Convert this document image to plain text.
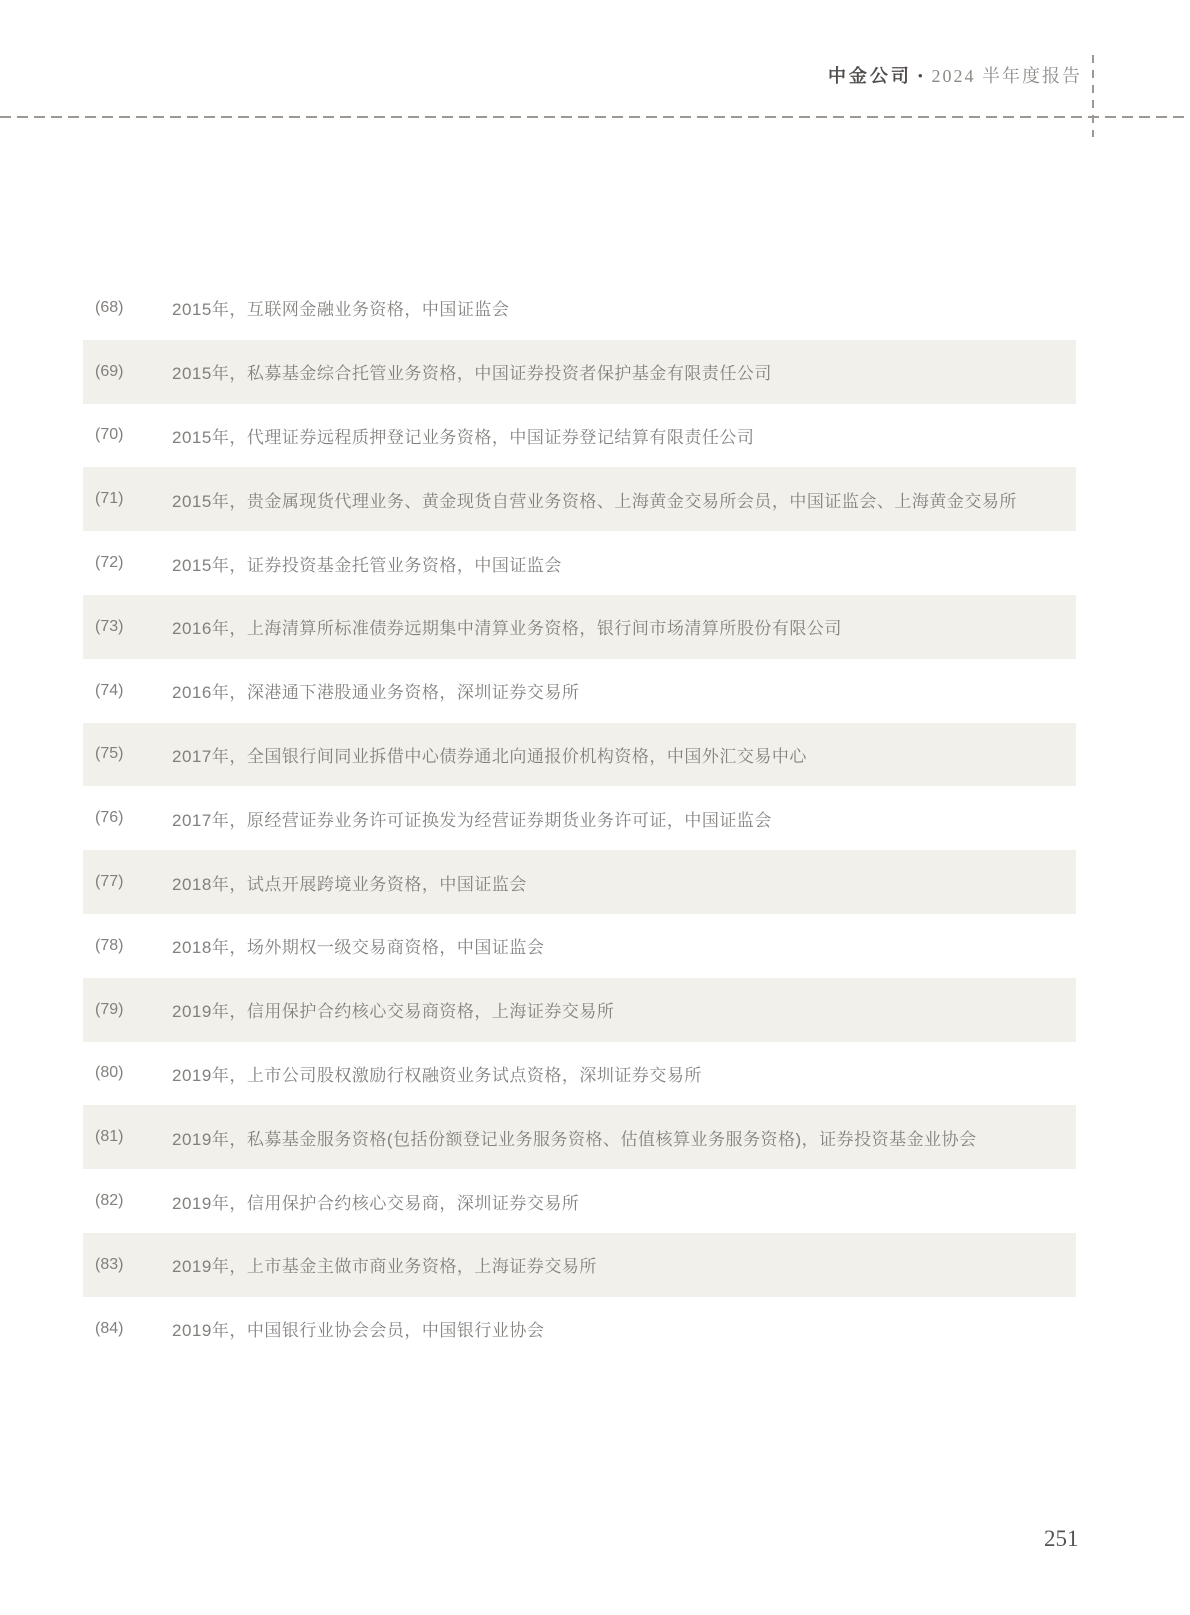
中金公司 • 2024 半年度报告
(68)	2015年，互联网金融业务资格，中国证监会
(69)	2015年，私募基金综合托管业务资格，中国证券投资者保护基金有限责任公司
(70)	2015年，代理证券远程质押登记业务资格，中国证券登记结算有限责任公司
(71)	2015年，贵金属现货代理业务、黄金现货自营业务资格、上海黄金交易所会员，中国证监会、上海黄金交易所
(72)	2015年，证券投资基金托管业务资格，中国证监会
(73)	2016年，上海清算所标准债券远期集中清算业务资格，银行间市场清算所股份有限公司
(74)	2016年，深港通下港股通业务资格，深圳证券交易所
(75)	2017年，全国银行间同业拆借中心债券通北向通报价机构资格，中国外汇交易中心
(76)	2017年，原经营证券业务许可证换发为经营证券期货业务许可证，中国证监会
(77)	2018年，试点开展跨境业务资格，中国证监会
(78)	2018年，场外期权一级交易商资格，中国证监会
(79)	2019年，信用保护合约核心交易商资格，上海证券交易所
(80)	2019年，上市公司股权激励行权融资业务试点资格，深圳证券交易所
(81)	2019年，私募基金服务资格(包括份额登记业务服务资格、估值核算业务服务资格)，证券投资基金业协会
(82)	2019年，信用保护合约核心交易商，深圳证券交易所
(83)	2019年，上市基金主做市商业务资格，上海证券交易所
(84)	2019年，中国银行业协会会员，中国银行业协会
251
